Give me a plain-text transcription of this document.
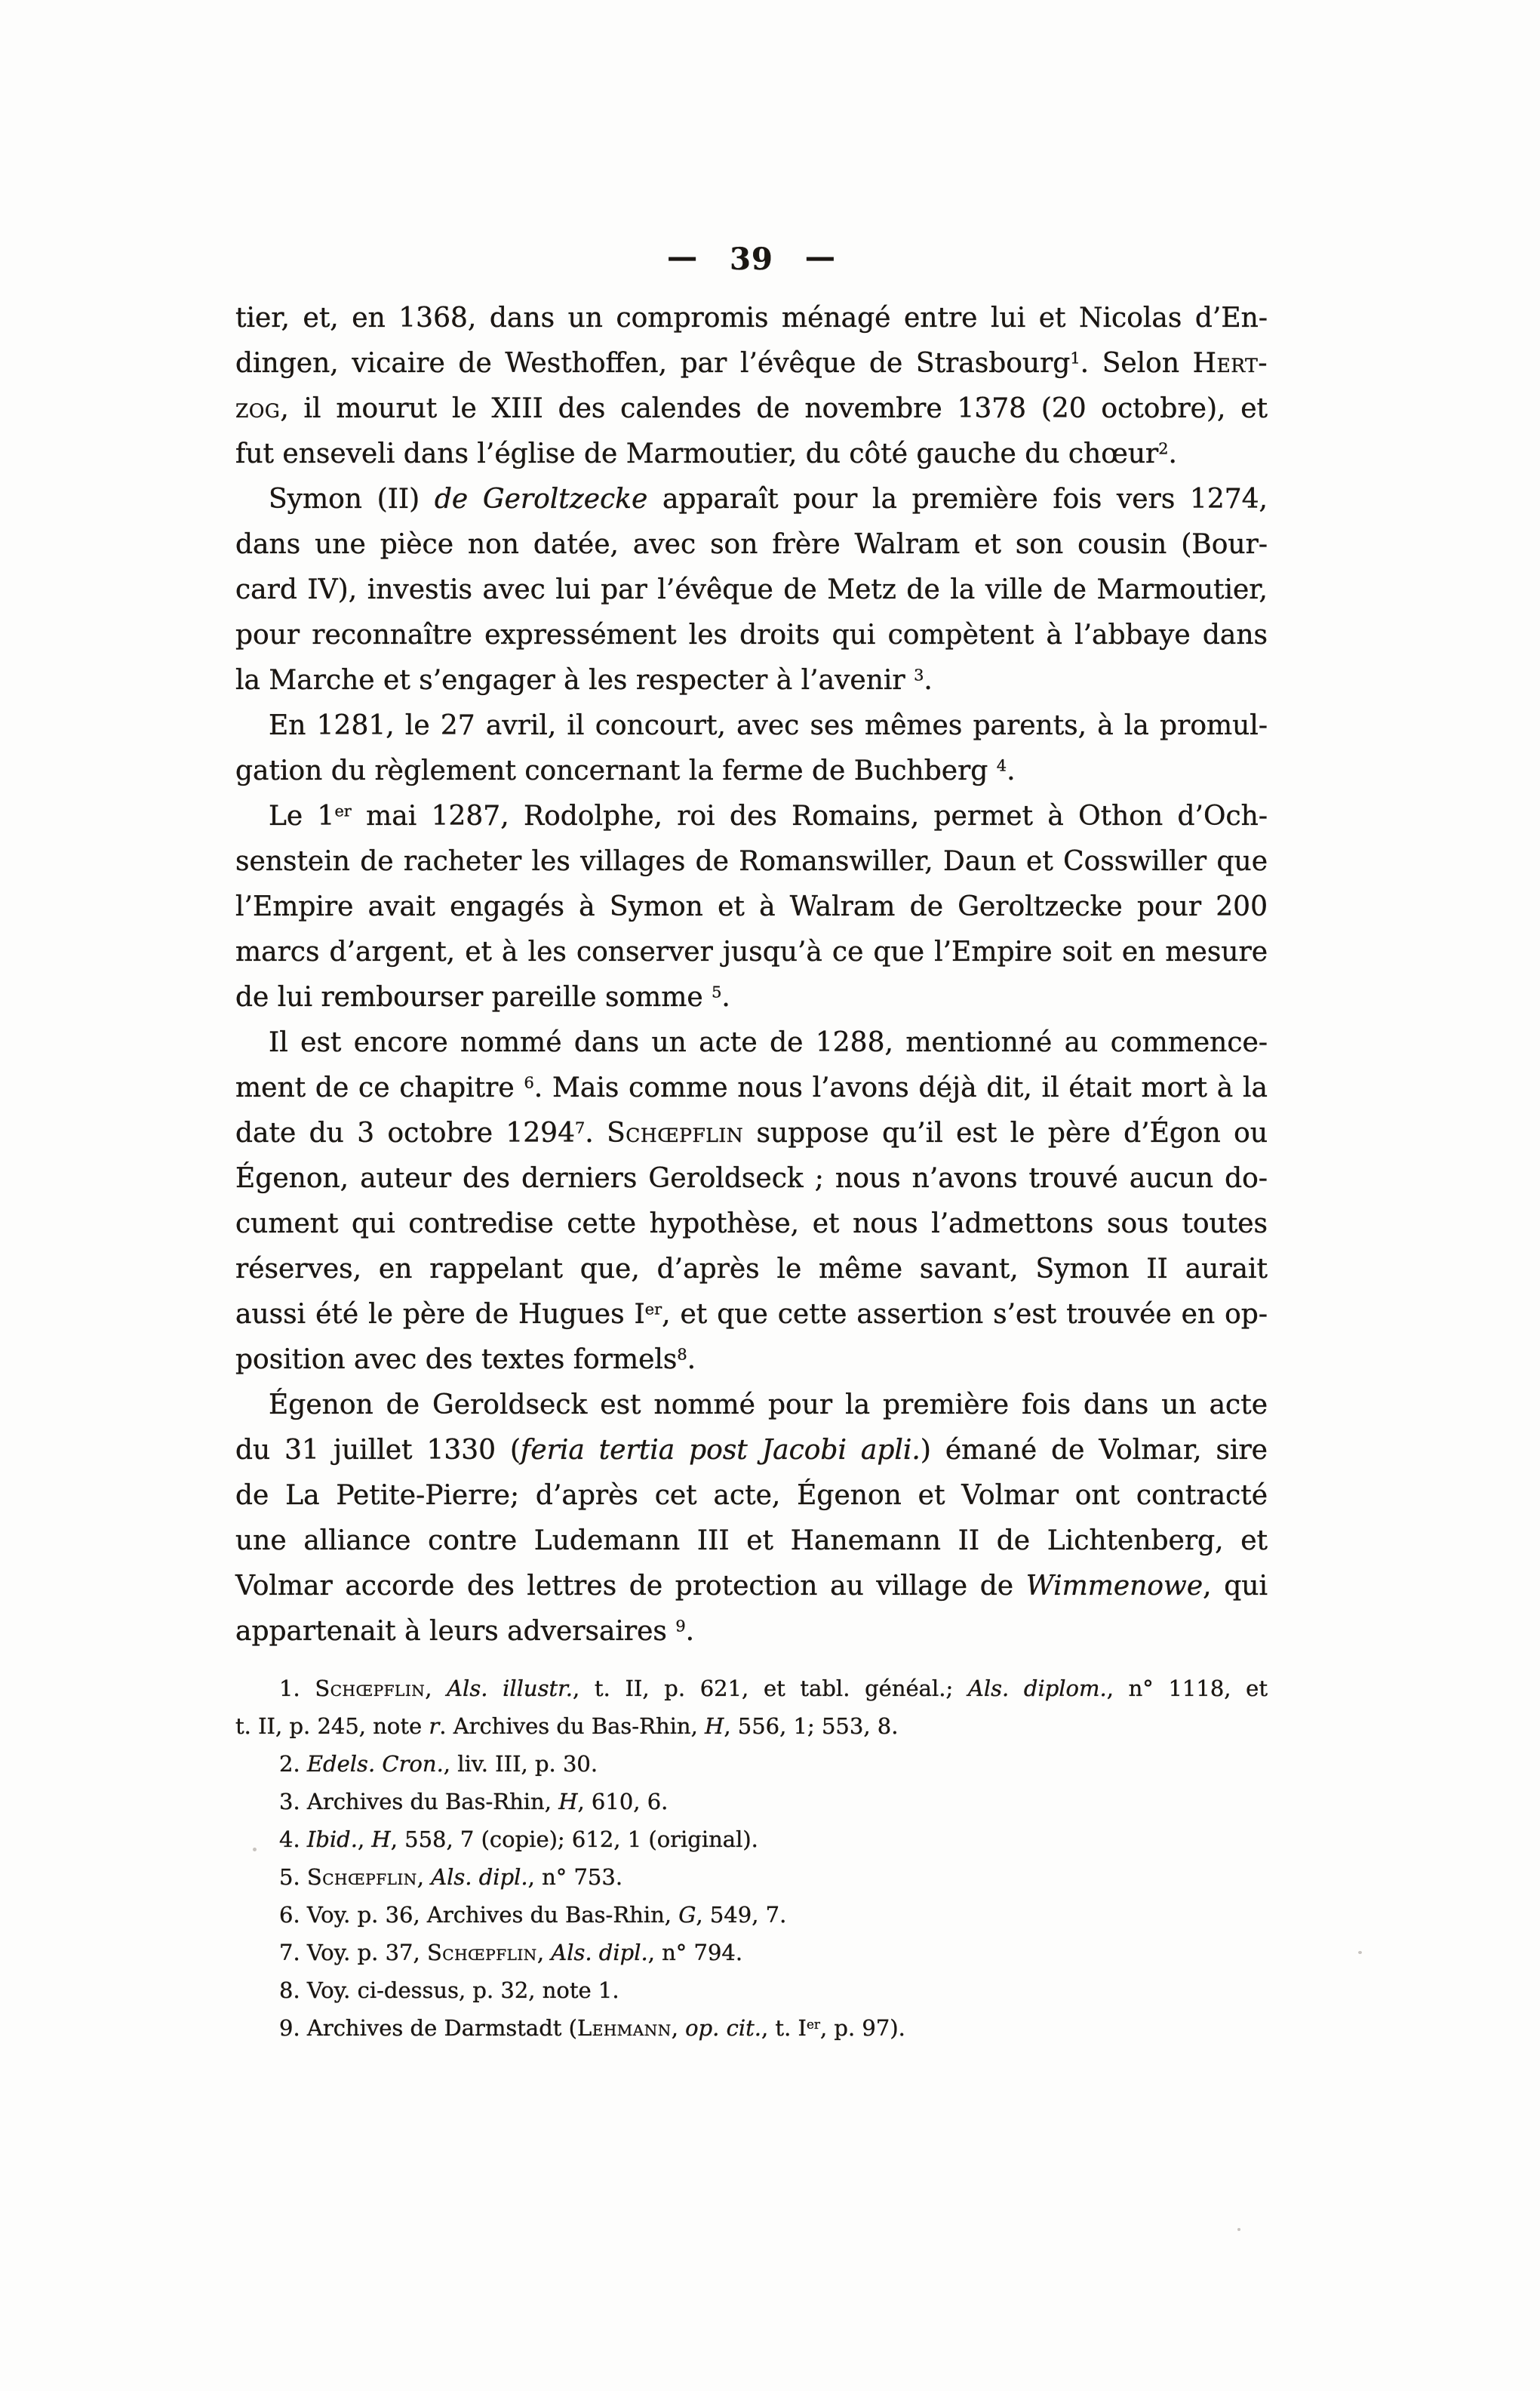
— 39 —
tier, et, en 1368, dans un compromis ménagé entre lui et Nicolas d’En-
dingen, vicaire de Westhoffen, par l’évêque de Strasbourg$^1$. Selon Hert-
zog, il mourut le XIII des calendes de novembre 1378 (20 octobre), et
fut enseveli dans l’église de Marmoutier, du côté gauche du chœur$^2$.
Symon (II) de Geroltzecke apparaît pour la première fois vers 1274,
dans une pièce non datée, avec son frère Walram et son cousin (Bour-
card IV), investis avec lui par l’évêque de Metz de la ville de Marmoutier,
pour reconnaître expressément les droits qui compètent à l’abbaye dans
la Marche et s’engager à les respecter à l’avenir $^3$.
En 1281, le 27 avril, il concourt, avec ses mêmes parents, à la promul-
gation du règlement concernant la ferme de Buchberg $^4$.
Le 1er mai 1287, Rodolphe, roi des Romains, permet à Othon d’Och-
senstein de racheter les villages de Romanswiller, Daun et Cosswiller que
l’Empire avait engagés à Symon et à Walram de Geroltzecke pour 200
marcs d’argent, et à les conserver jusqu’à ce que l’Empire soit en mesure
de lui rembourser pareille somme $^5$.
Il est encore nommé dans un acte de 1288, mentionné au commence-
ment de ce chapitre $^6$. Mais comme nous l’avons déjà dit, il était mort à la
date du 3 octobre 1294$^7$. Schœpflin suppose qu’il est le père d’Égon ou
Égenon, auteur des derniers Geroldseck ; nous n’avons trouvé aucun do-
cument qui contredise cette hypothèse, et nous l’admettons sous toutes
réserves, en rappelant que, d’après le même savant, Symon II aurait
aussi été le père de Hugues Ier, et que cette assertion s’est trouvée en op-
position avec des textes formels$^8$.
Égenon de Geroldseck est nommé pour la première fois dans un acte
du 31 juillet 1330 (feria tertia post Jacobi apli.) émané de Volmar, sire
de La Petite-Pierre; d’après cet acte, Égenon et Volmar ont contracté
une alliance contre Ludemann III et Hanemann II de Lichtenberg, et
Volmar accorde des lettres de protection au village de Wimmenowe, qui
appartenait à leurs adversaires $^9$.
1. Schœpflin, Als. illustr., t. II, p. 621, et tabl. généal.; Als. diplom., n° 1118, et
t. II, p. 245, note r. Archives du Bas-Rhin, H, 556, 1; 553, 8.
2. Edels. Cron., liv. III, p. 30.
3. Archives du Bas-Rhin, H, 610, 6.
4. Ibid., H, 558, 7 (copie); 612, 1 (original).
5. Schœpflin, Als. dipl., n° 753.
6. Voy. p. 36, Archives du Bas-Rhin, G, 549, 7.
7. Voy. p. 37, Schœpflin, Als. dipl., n° 794.
8. Voy. ci-dessus, p. 32, note 1.
9. Archives de Darmstadt (Lehmann, op. cit., t. Ier, p. 97).
